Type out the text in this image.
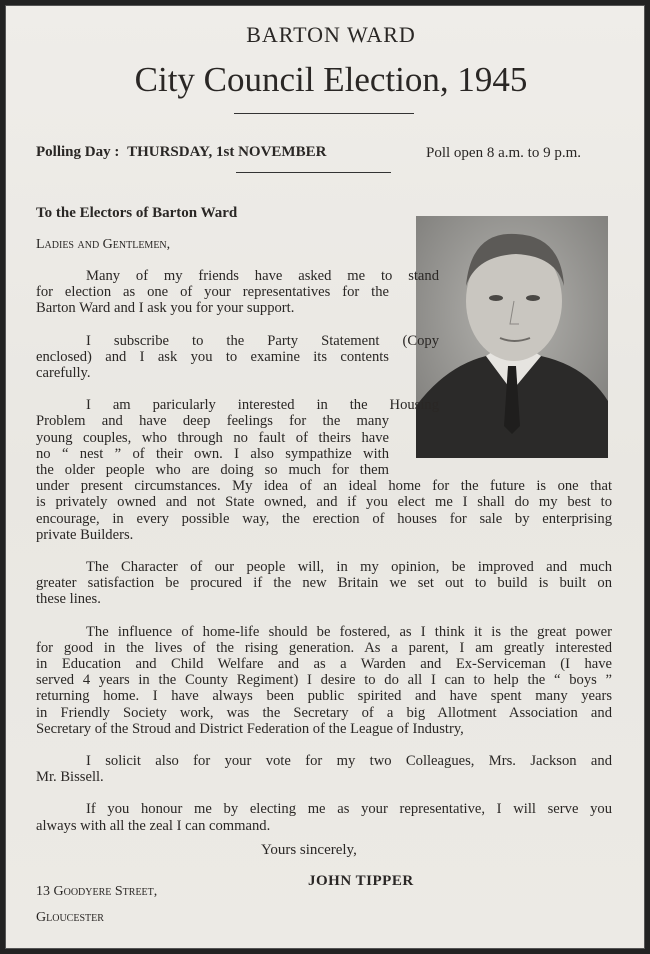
BARTON WARD
City Council Election, 1945
Polling Day : THURSDAY, 1st NOVEMBER	Poll open 8 a.m. to 9 p.m.
To the Electors of Barton Ward
Ladies and Gentlemen,
Many of my friends have asked me to stand
for election as one of your representatives for the
Barton Ward and I ask you for your support.
I subscribe to the Party Statement (Copy
enclosed) and I ask you to examine its contents
carefully.
I am paricularly interested in the Housing
Problem and have deep feelings for the many
young couples, who through no fault of theirs have
no “ nest ” of their own. I also sympathize with
the older people who are doing so much for them
under present circumstances. My idea of an ideal home for the future is one that
is privately owned and not State owned, and if you elect me I shall do my best to
encourage, in every possible way, the erection of houses for sale by enterprising
private Builders.
The Character of our people will, in my opinion, be improved and much
greater satisfaction be procured if the new Britain we set out to build is built on
these lines.
The influence of home-life should be fostered, as I think it is the great power
for good in the lives of the rising generation. As a parent, I am greatly interested
in Education and Child Welfare and as a Warden and Ex-Serviceman (I have
served 4 years in the County Regiment) I desire to do all I can to help the “ boys ”
returning home. I have always been public spirited and have spent many years
in Friendly Society work, was the Secretary of a big Allotment Association and
Secretary of the Stroud and District Federation of the League of Industry,
I solicit also for your vote for my two Colleagues, Mrs. Jackson and
Mr. Bissell.
If you honour me by electing me as your representative, I will serve you
always with all the zeal I can command.
Yours sincerely,
JOHN TIPPER
13 Goodyere Street,
Gloucester
